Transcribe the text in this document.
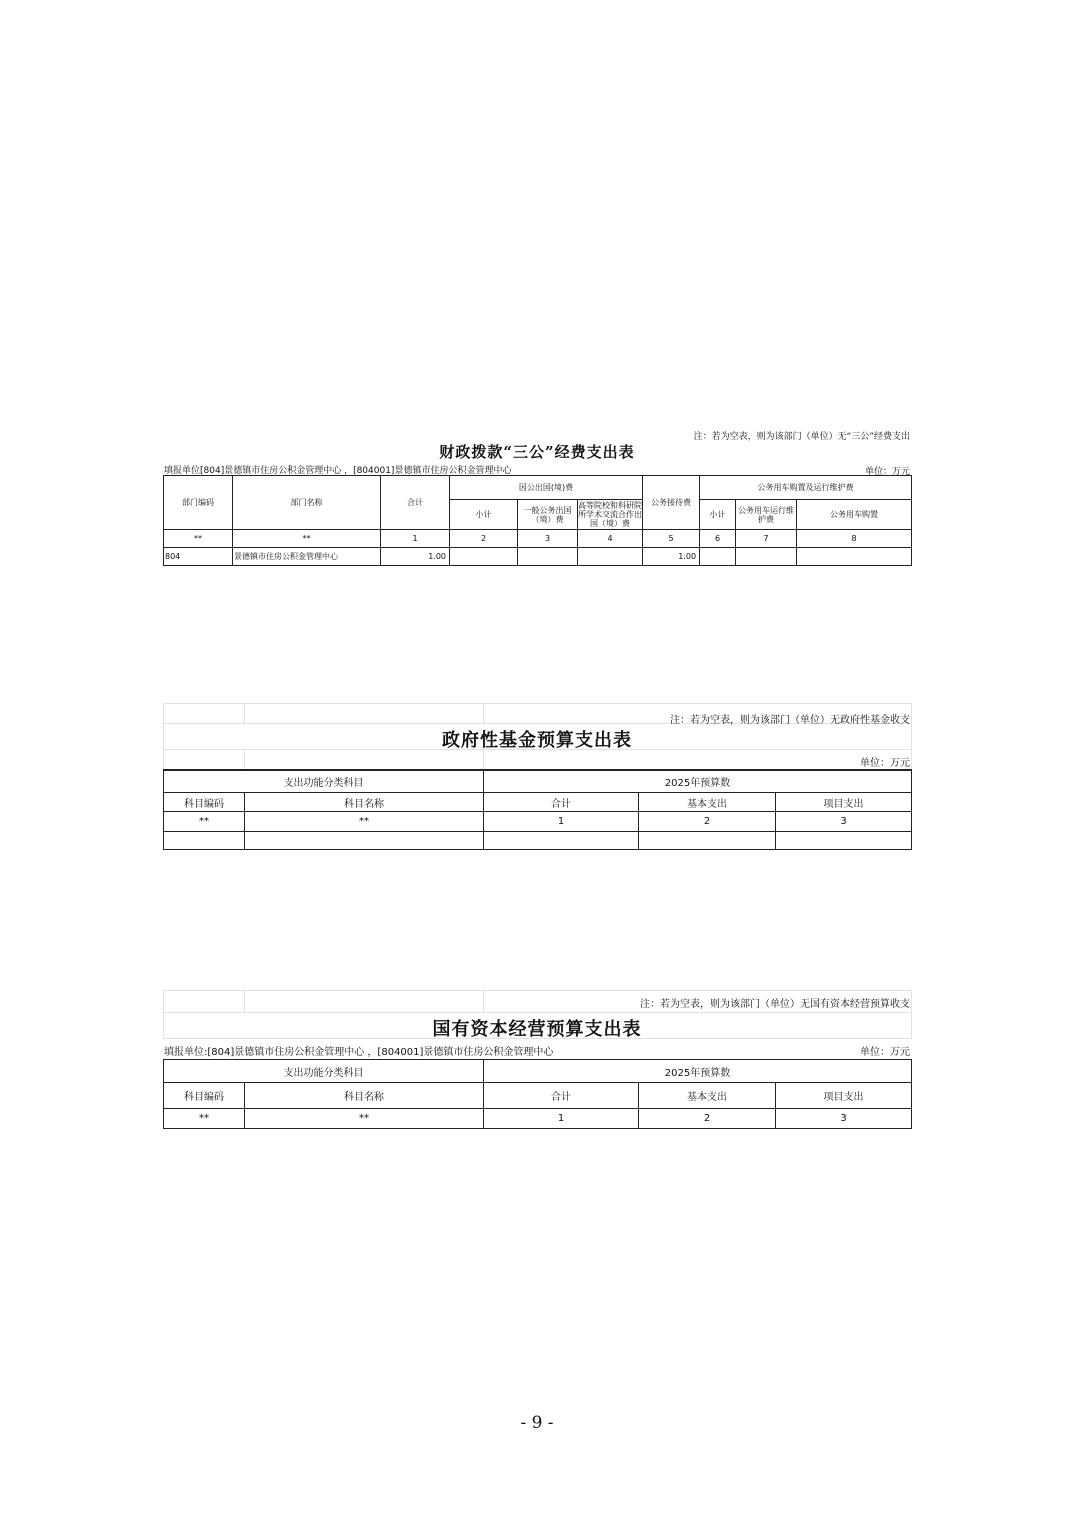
注：若为空表，则为该部门（单位）无“三公”经费支出
财政拨款“三公”经费支出表
填报单位[804]景德镇市住房公积金管理中心 ，[804001]景德镇市住房公积金管理中心	单位：万元
部门编码	部门名称	合计	因公出国(境)费			公务接待费	公务用车购置及运行维护费		
			小计	一般公务出国（境）费	高等院校和科研院所学术交流合作出国（境）费		小计	公务用车运行维护费	公务用车购置
**	**	1	2	3	4	5	6	7	8
804	景德镇市住房公积金管理中心	1.00				1.00			

注：若为空表，则为该部门（单位）无政府性基金收支
政府性基金预算支出表
单位：万元
支出功能分类科目		2025年预算数		
科目编码	科目名称	合计	基本支出	项目支出
**	**	1	2	3

注：若为空表，则为该部门（单位）无国有资本经营预算收支
国有资本经营预算支出表
填报单位:[804]景德镇市住房公积金管理中心 ，[804001]景德镇市住房公积金管理中心	单位：万元
支出功能分类科目		2025年预算数		
科目编码	科目名称	合计	基本支出	项目支出
**	**	1	2	3
- 9 -
